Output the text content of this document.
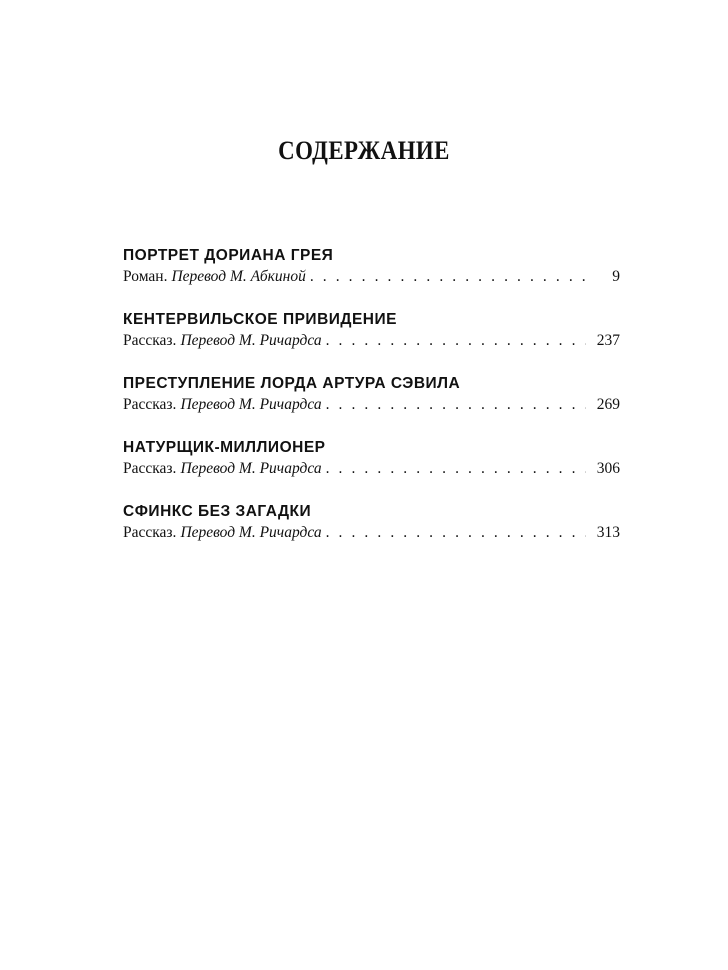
СОДЕРЖАНИЕ
ПОРТРЕТ ДОРИАНА ГРЕЯ
Роман. Перевод М. Абкиной . . .	9
КЕНТЕРВИЛЬСКОЕ ПРИВИДЕНИЕ
Рассказ. Перевод М. Ричардса . . .	237
ПРЕСТУПЛЕНИЕ ЛОРДА АРТУРА СЭВИЛА
Рассказ. Перевод М. Ричардса . . .	269
НАТУРЩИК-МИЛЛИОНЕР
Рассказ. Перевод М. Ричардса . . .	306
СФИНКС БЕЗ ЗАГАДКИ
Рассказ. Перевод М. Ричардса . . .	313
